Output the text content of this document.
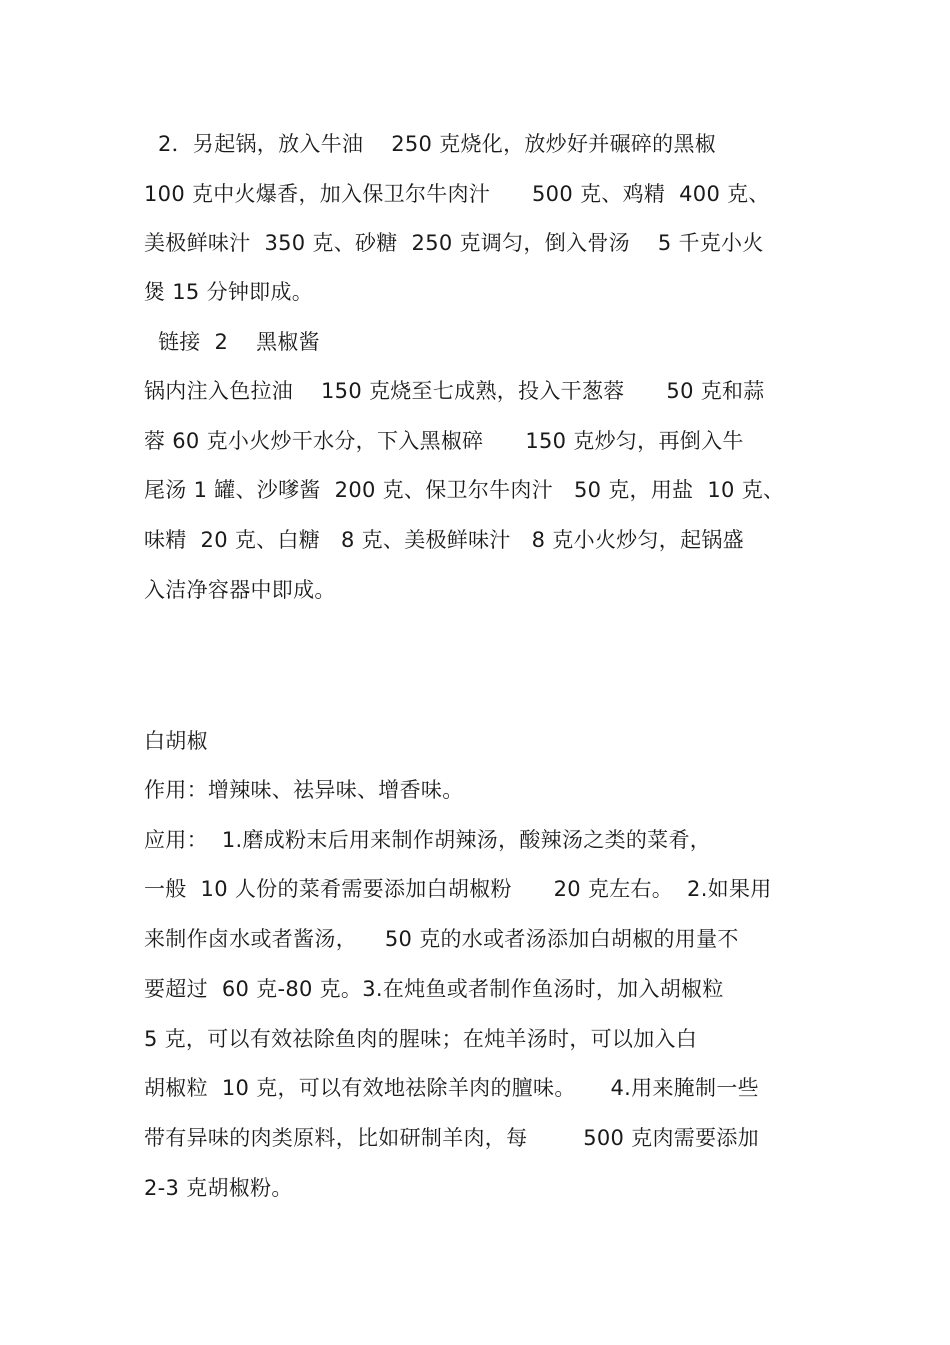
2．另起锅，放入牛油    250 克烧化，放炒好并碾碎的黑椒
100 克中火爆香，加入保卫尔牛肉汁      500 克、鸡精  400 克、
美极鲜味汁  350 克、砂糖  250 克调匀，倒入骨汤    5 千克小火
煲 15 分钟即成。
链接  2    黑椒酱
锅内注入色拉油    150 克烧至七成熟，投入干葱蓉      50 克和蒜
蓉 60 克小火炒干水分，下入黑椒碎      150 克炒匀，再倒入牛
尾汤 1 罐、沙嗲酱  200 克、保卫尔牛肉汁   50 克，用盐  10 克、
味精  20 克、白糖   8 克、美极鲜味汁   8 克小火炒匀，起锅盛
入洁净容器中即成。
白胡椒
作用：增辣味、祛异味、增香味。
应用：  1.磨成粉末后用来制作胡辣汤，酸辣汤之类的菜肴，
一般  10 人份的菜肴需要添加白胡椒粉      20 克左右。  2.如果用
来制作卤水或者酱汤，    50 克的水或者汤添加白胡椒的用量不
要超过  60 克-80 克。3.在炖鱼或者制作鱼汤时，加入胡椒粒
5 克，可以有效祛除鱼肉的腥味；在炖羊汤时，可以加入白
胡椒粒  10 克，可以有效地祛除羊肉的膻味。     4.用来腌制一些
带有异味的肉类原料，比如研制羊肉，每        500 克肉需要添加
2-3 克胡椒粉。
